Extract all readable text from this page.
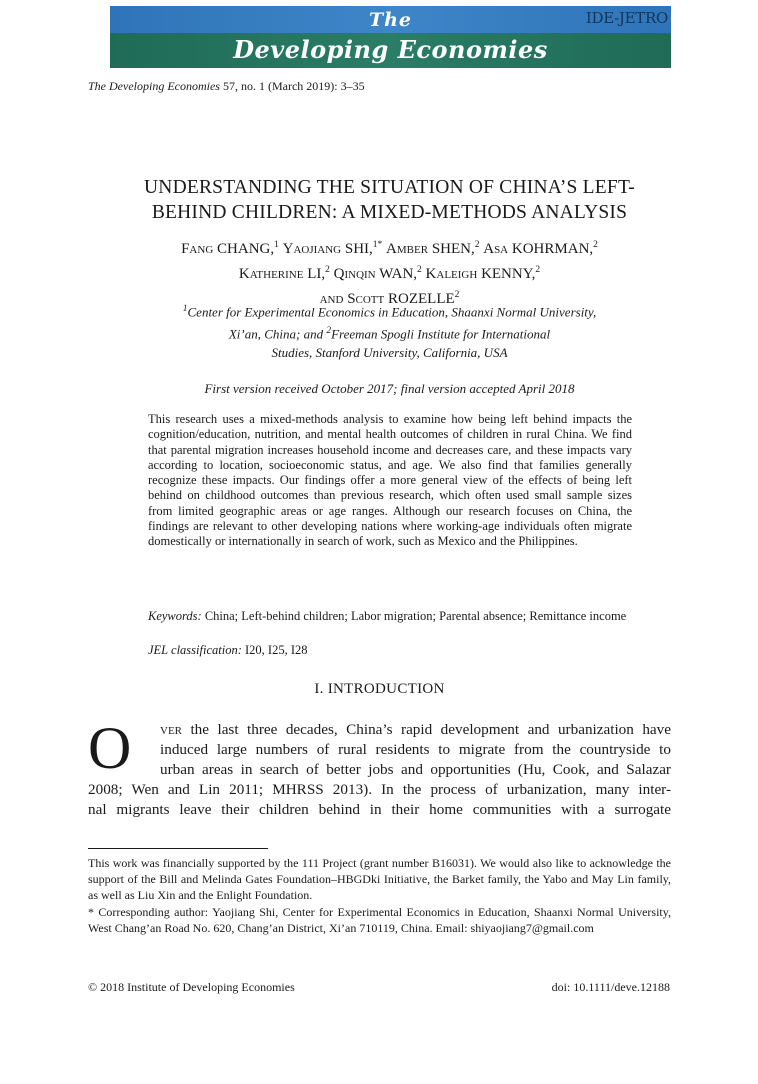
The
Developing Economies
IDE-JETRO
The Developing Economies 57, no. 1 (March 2019): 3–35
UNDERSTANDING THE SITUATION OF CHINA’S LEFT-
BEHIND CHILDREN: A MIXED-METHODS ANALYSIS
Fang CHANG,$^1$ Yaojiang SHI,$^{1*}$ Amber SHEN,$^2$ Asa KOHRMAN,$^2$
Katherine LI,$^2$ Qinqin WAN,$^2$ Kaleigh KENNY,$^2$
and Scott ROZELLE$^2$
$^1$Center for Experimental Economics in Education, Shaanxi Normal University,
Xi’an, China; and $^2$Freeman Spogli Institute for International
Studies, Stanford University, California, USA
First version received October 2017; final version accepted April 2018

This research uses a mixed-methods analysis to examine how being left behind impacts the cognition/education, nutrition, and mental health outcomes of children in rural China. We find that parental migration increases household income and decreases care, and these impacts vary according to location, socioeconomic status, and age. We also find that families generally recognize these impacts. Our findings offer a more general view of the effects of being left behind on childhood outcomes than previous research, which often used small sample sizes from limited geographic areas or age ranges. Although our research focuses on China, the findings are relevant to other developing nations where working-age individuals often migrate domestically or internationally in search of work, such as Mexico and the Philippines.

Keywords: China; Left-behind children; Labor migration; Parental absence; Remittance income

JEL classification: I20, I25, I28

I. INTRODUCTION
O ver the last three decades, China’s rapid development and urbanization have
induced large numbers of rural residents to migrate from the countryside to
urban areas in search of better jobs and opportunities (Hu, Cook, and Salazar
2008; Wen and Lin 2011; MHRSS 2013). In the process of urbanization, many inter-
nal migrants leave their children behind in their home communities with a surrogate

This work was financially supported by the 111 Project (grant number B16031). We would also like to acknowledge the support of the Bill and Melinda Gates Foundation–HBGDki Initiative, the Barket family, the Yabo and May Lin family, as well as Liu Xin and the Enlight Foundation.

* Corresponding author: Yaojiang Shi, Center for Experimental Economics in Education, Shaanxi Normal University, West Chang’an Road No. 620, Chang’an District, Xi’an 710119, China. Email: shiyaojiang7@gmail.com

© 2018 Institute of Developing Economies	doi: 10.1111/deve.12188
